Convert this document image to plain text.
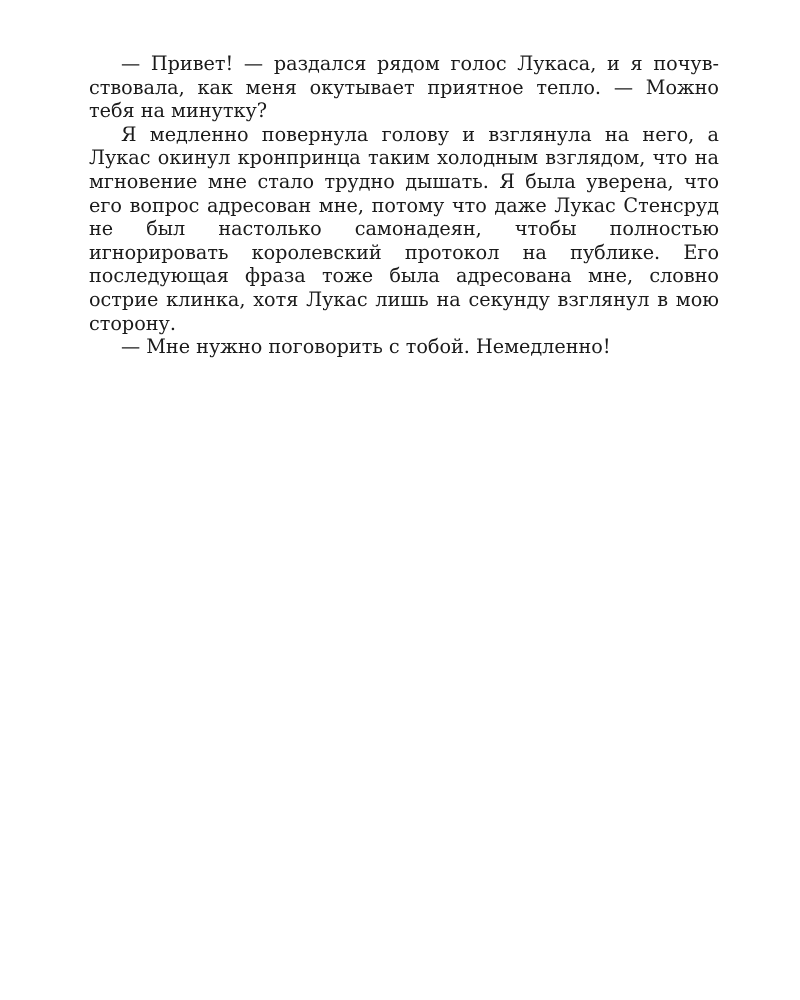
— Привет! — раздался рядом голос Лукаса, и я почувствовала, как меня окутывает приятное тепло. — Можно тебя на минутку?

Я медленно повернула голову и взглянула на него, а Лукас окинул кронпринца таким холодным взглядом, что на мгновение мне стало трудно дышать. Я была уверена, что его вопрос адресован мне, потому что даже Лукас Стенсруд не был настолько самонадеян, чтобы полностью игнорировать королевский протокол на публике. Его последующая фраза тоже была адресована мне, словно острие клинка, хотя Лукас лишь на секунду взглянул в мою сторону.

— Мне нужно поговорить с тобой. Немедленно!
